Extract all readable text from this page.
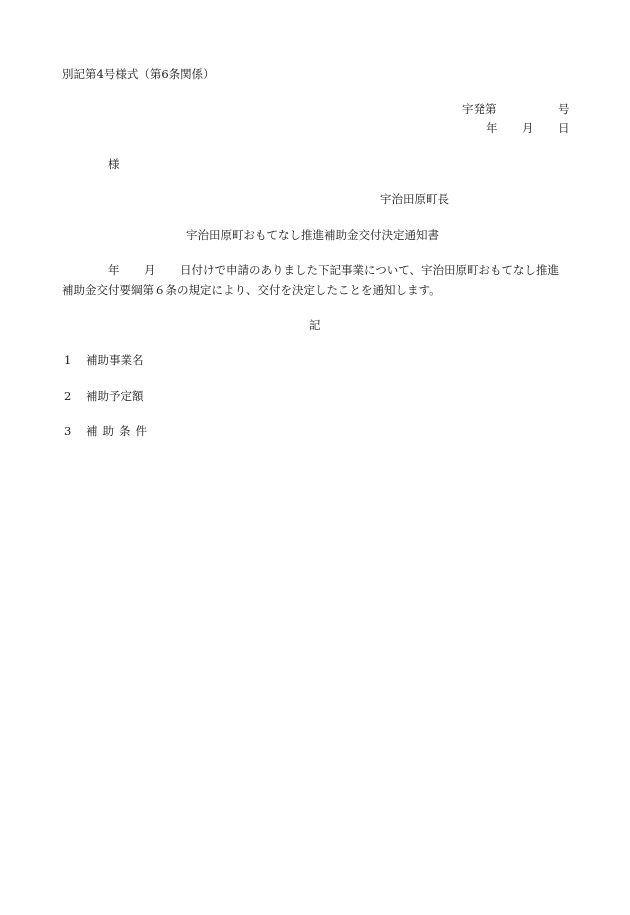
別記第4号様式（第6条関係）
宇発第	号
年 月 日
様
宇治田原町長
宇治田原町おもてなし推進補助金交付決定通知書
年 月 日付けで申請のありました下記事業について、宇治田原町おもてなし推進
補助金交付要綱第６条の規定により、交付を決定したことを通知します。
記
1 補助事業名
2 補助予定額
3 補助条件
